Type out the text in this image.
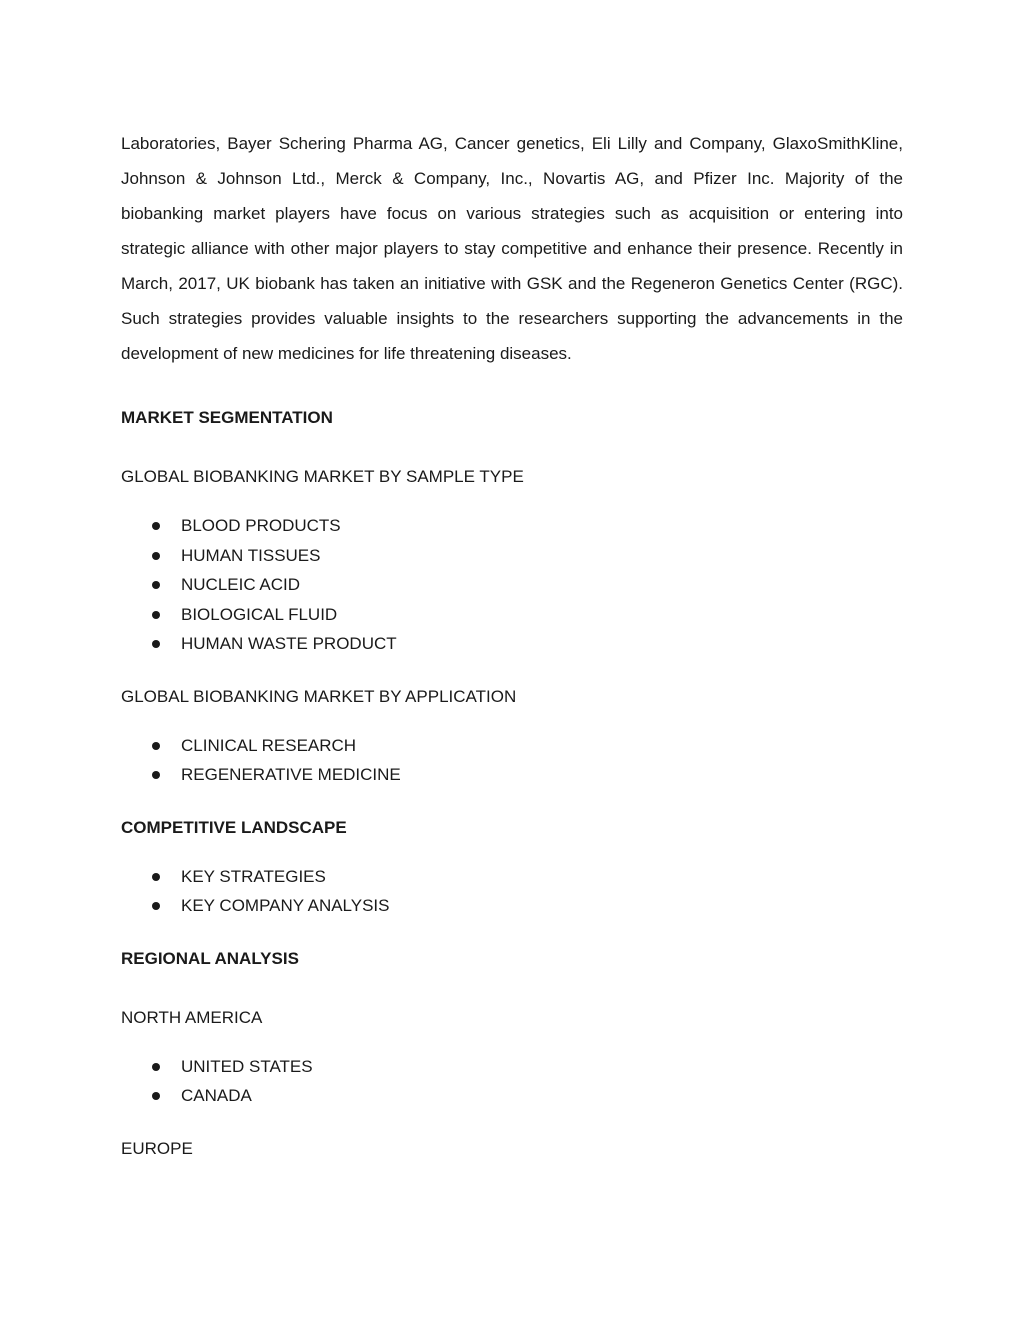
Laboratories, Bayer Schering Pharma AG, Cancer genetics, Eli Lilly and Company, GlaxoSmithKline, Johnson & Johnson Ltd., Merck & Company, Inc., Novartis AG, and Pfizer Inc. Majority of the biobanking market players have focus on various strategies such as acquisition or entering into strategic alliance with other major players to stay competitive and enhance their presence. Recently in March, 2017, UK biobank has taken an initiative with GSK and the Regeneron Genetics Center (RGC). Such strategies provides valuable insights to the researchers supporting the advancements in the development of new medicines for life threatening diseases.

MARKET SEGMENTATION

GLOBAL BIOBANKING MARKET BY SAMPLE TYPE

BLOOD PRODUCTS
HUMAN TISSUES
NUCLEIC ACID
BIOLOGICAL FLUID
HUMAN WASTE PRODUCT

GLOBAL BIOBANKING MARKET BY APPLICATION

CLINICAL RESEARCH
REGENERATIVE MEDICINE

COMPETITIVE LANDSCAPE

KEY STRATEGIES
KEY COMPANY ANALYSIS

REGIONAL ANALYSIS

NORTH AMERICA

UNITED STATES
CANADA

EUROPE
